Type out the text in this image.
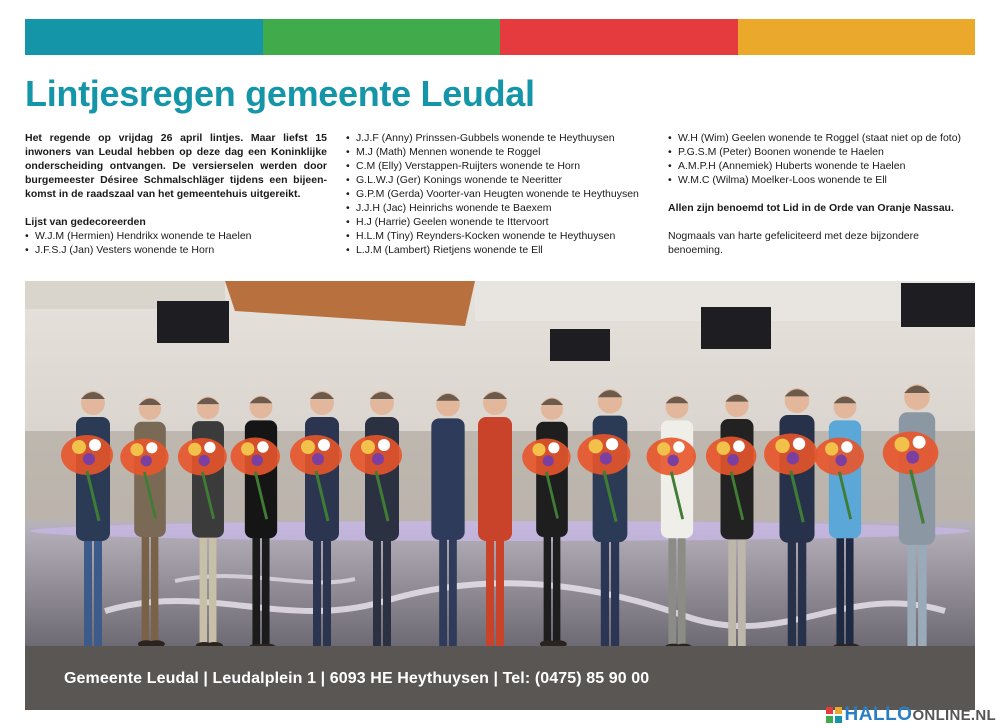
Lintjesregen gemeente Leudal

Het regende op vrijdag 26 april lintjes. Maar liefst 15 inwoners van Leudal hebben op deze dag een Koninklijke onderscheiding ontvangen. De versierselen werden door burgemeester Désiree Schmalschläger tijdens een bijeen-komst in de raadszaal van het gemeentehuis uitgereikt.

Lijst van gedecoreerden

• W.J.M (Hermien) Hendrikx wonende te Haelen
• J.F.S.J (Jan) Vesters wonende te Horn
• J.J.F (Anny) Prinssen-Gubbels wonende te Heythuysen
• M.J (Math) Mennen wonende te Roggel
• C.M (Elly) Verstappen-Ruijters wonende te Horn
• G.L.W.J (Ger) Konings wonende te Neeritter
• G.P.M (Gerda) Voorter-van Heugten wonende te Heythuysen
• J.J.H (Jac) Heinrichs wonende te Baexem
• H.J (Harrie) Geelen wonende te Ittervoort
• H.L.M (Tiny) Reynders-Kocken wonende te Heythuysen
• L.J.M (Lambert) Rietjens wonende te Ell
• W.H (Wim) Geelen wonende te Roggel (staat niet op de foto)
• P.G.S.M (Peter) Boonen wonende te Haelen
• A.M.P.H (Annemiek) Huberts wonende te Haelen
• W.M.C (Wilma) Moelker-Loos wonende te Ell

Allen zijn benoemd tot Lid in de Orde van Oranje Nassau.

Nogmaals van harte gefeliciteerd met deze bijzondere benoeming.

Gemeente Leudal | Leudalplein 1 | 6093 HE Heythuysen | Tel: (0475) 85 90 00
HALLO ONLINE.NL
